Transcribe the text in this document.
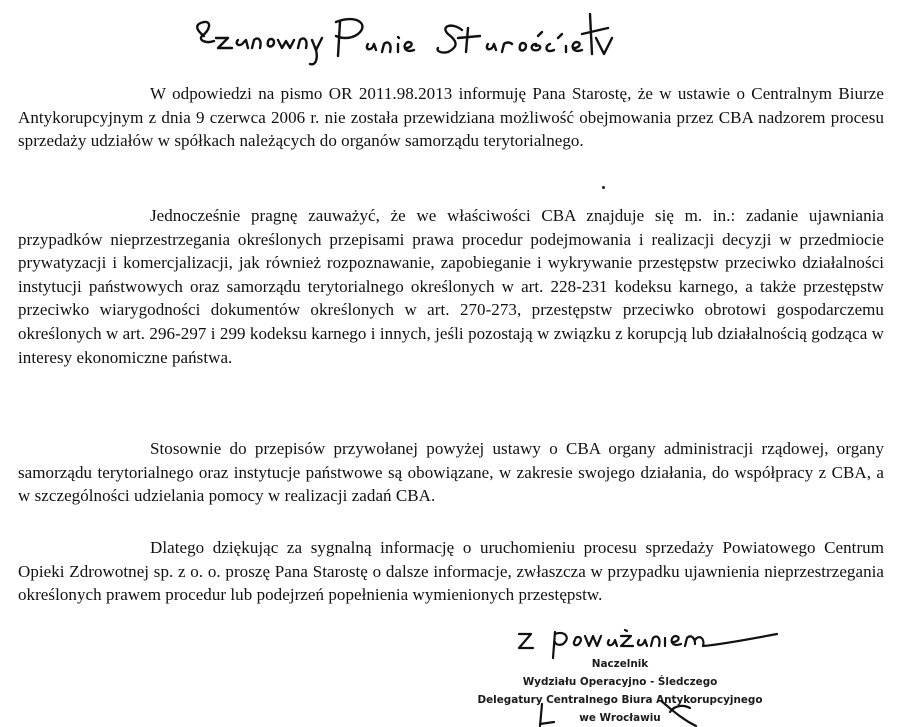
W odpowiedzi na pismo OR 2011.98.2013 informuję Pana Starostę, że w ustawie o Centralnym Biurze Antykorupcyjnym z dnia 9 czerwca 2006 r. nie została przewidziana możliwość obejmowania przez CBA nadzorem procesu sprzedaży udziałów w spółkach należących do organów samorządu terytorialnego.

Jednocześnie pragnę zauważyć, że we właściwości CBA znajduje się m. in.: zadanie ujawniania przypadków nieprzestrzegania określonych przepisami prawa procedur podejmowania i realizacji decyzji w przedmiocie prywatyzacji i komercjalizacji, jak również rozpoznawanie, zapobieganie i wykrywanie przestępstw przeciwko działalności instytucji państwowych oraz samorządu terytorialnego określonych w art. 228-231 kodeksu karnego, a także przestępstw przeciwko wiarygodności dokumentów określonych w art. 270-273, przestępstw przeciwko obrotowi gospodarczemu określonych w art. 296-297 i 299 kodeksu karnego i innych, jeśli pozostają w związku z korupcją lub działalnością godząca w interesy ekonomiczne państwa.

Stosownie do przepisów przywołanej powyżej ustawy o CBA organy administracji rządowej, organy samorządu terytorialnego oraz instytucje państwowe są obowiązane, w zakresie swojego działania, do współpracy z CBA, a w szczególności udzielania pomocy w realizacji zadań CBA.

Dlatego dziękując za sygnalną informację o uruchomieniu procesu sprzedaży Powiatowego Centrum Opieki Zdrowotnej sp. z o. o. proszę Pana Starostę o dalsze informacje, zwłaszcza w przypadku ujawnienia nieprzestrzegania określonych prawem procedur lub podejrzeń popełnienia wymienionych przestępstw.

Naczelnik
Wydziału Operacyjno - Śledczego
Delegatury Centralnego Biura Antykorupcyjnego
we Wrocławiu
